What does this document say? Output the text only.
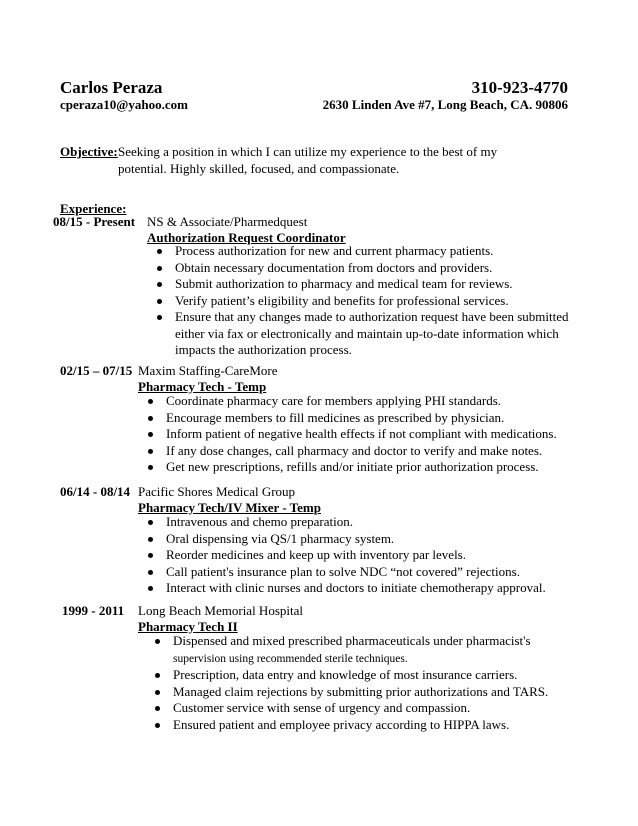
Carlos Peraza	310-923-4770
cperaza10@yahoo.com	2630 Linden Ave #7, Long Beach, CA. 90806
Objective: Seeking a position in which I can utilize my experience to the best of my potential. Highly skilled, focused, and compassionate.
Experience:
08/15 - Present NS & Associate/Pharmedquest
Authorization Request Coordinator
Process authorization for new and current pharmacy patients.
Obtain necessary documentation from doctors and providers.
Submit authorization to pharmacy and medical team for reviews.
Verify patient’s eligibility and benefits for professional services.
Ensure that any changes made to authorization request have been submitted either via fax or electronically and maintain up-to-date information which impacts the authorization process.
02/15 – 07/15 Maxim Staffing-CareMore
Pharmacy Tech - Temp
Coordinate pharmacy care for members applying PHI standards.
Encourage members to fill medicines as prescribed by physician.
Inform patient of negative health effects if not compliant with medications.
If any dose changes, call pharmacy and doctor to verify and make notes.
Get new prescriptions, refills and/or initiate prior authorization process.
06/14 - 08/14 Pacific Shores Medical Group
Pharmacy Tech/IV Mixer - Temp
Intravenous and chemo preparation.
Oral dispensing via QS/1 pharmacy system.
Reorder medicines and keep up with inventory par levels.
Call patient's insurance plan to solve NDC “not covered” rejections.
Interact with clinic nurses and doctors to initiate chemotherapy approval.
1999 - 2011 Long Beach Memorial Hospital
Pharmacy Tech II
Dispensed and mixed prescribed pharmaceuticals under pharmacist's
supervision using recommended sterile techniques.
Prescription, data entry and knowledge of most insurance carriers.
Managed claim rejections by submitting prior authorizations and TARS.
Customer service with sense of urgency and compassion.
Ensured patient and employee privacy according to HIPPA laws.
